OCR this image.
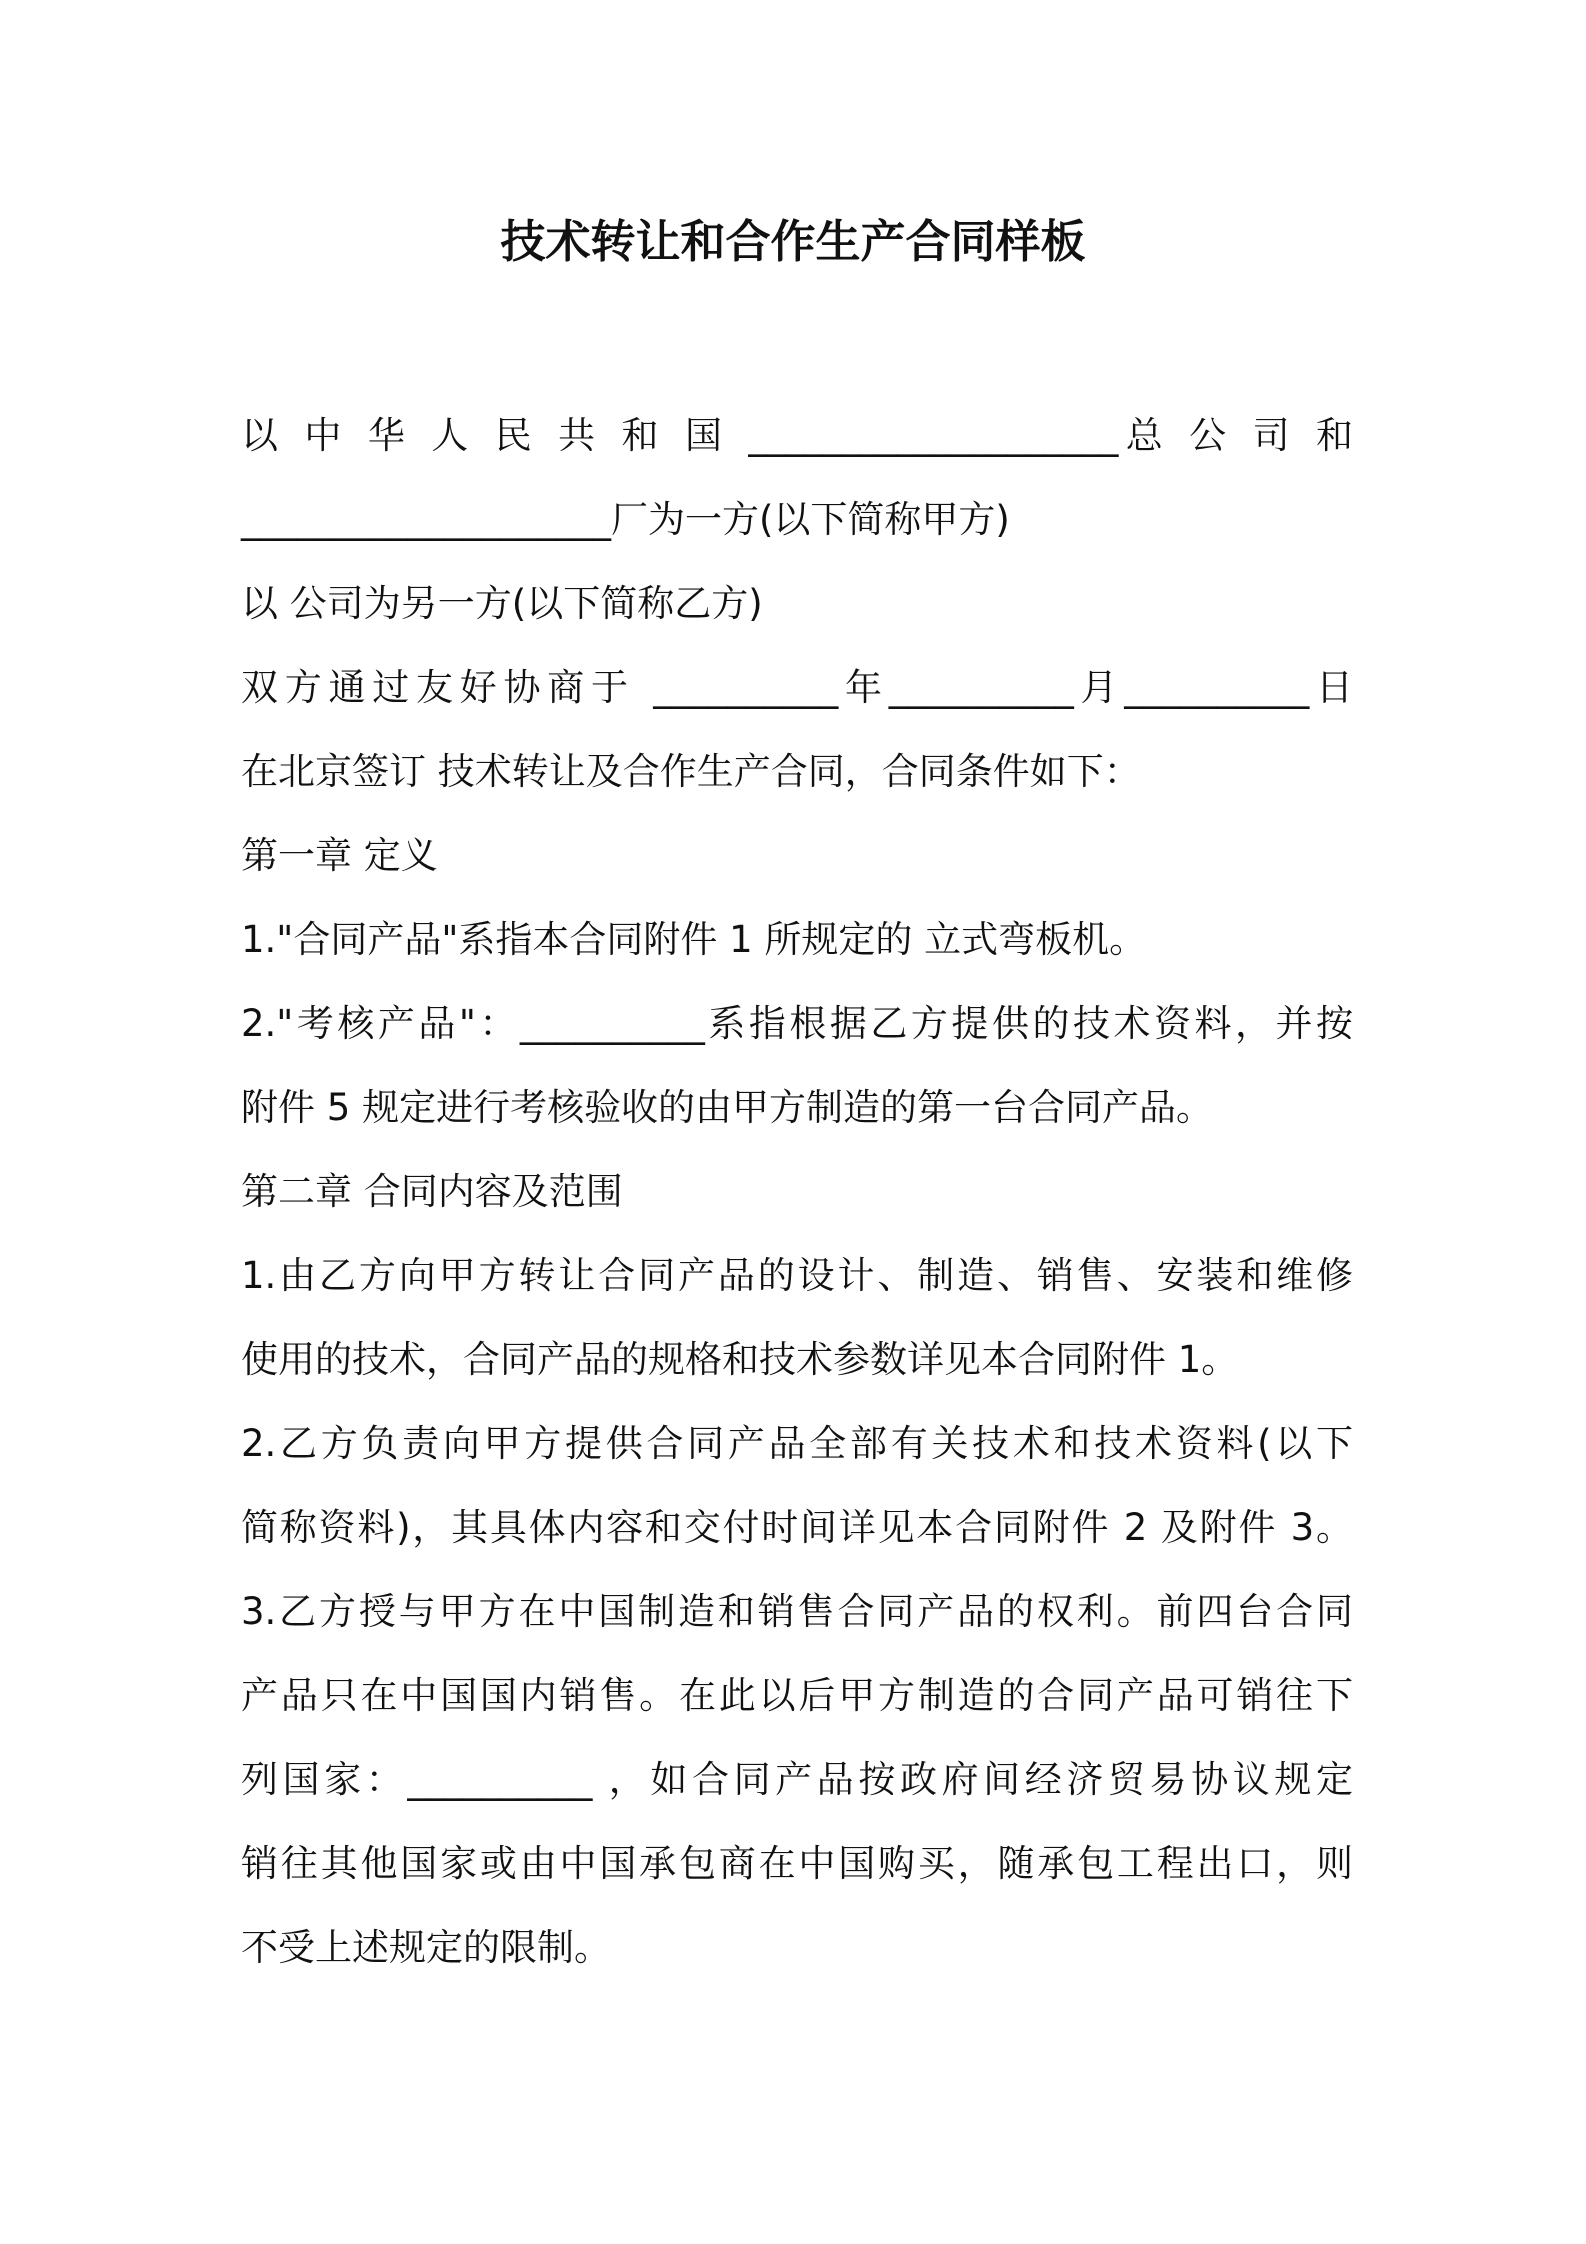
技术转让和合作生产合同样板
以 中 华 人 民 共 和 国 ____________________总 公 司 和
____________________厂为一方(以下简称甲方)
以 公司为另一方(以下简称乙方)
双方通过友好协商于 __________年__________月__________日
在北京签订 技术转让及合作生产合同，合同条件如下：
第一章 定义
1."合同产品"系指本合同附件 1 所规定的 立式弯板机。
2."考核产品"：__________系指根据乙方提供的技术资料，并按
附件 5 规定进行考核验收的由甲方制造的第一台合同产品。
第二章 合同内容及范围
1.由乙方向甲方转让合同产品的设计、制造、销售、安装和维修
使用的技术，合同产品的规格和技术参数详见本合同附件 1。
2.乙方负责向甲方提供合同产品全部有关技术和技术资料(以下
简称资料)，其具体内容和交付时间详见本合同附件 2 及附件 3。
3.乙方授与甲方在中国制造和销售合同产品的权利。前四台合同
产品只在中国国内销售。在此以后甲方制造的合同产品可销往下
列国家：__________ ，如合同产品按政府间经济贸易协议规定
销往其他国家或由中国承包商在中国购买，随承包工程出口，则
不受上述规定的限制。
